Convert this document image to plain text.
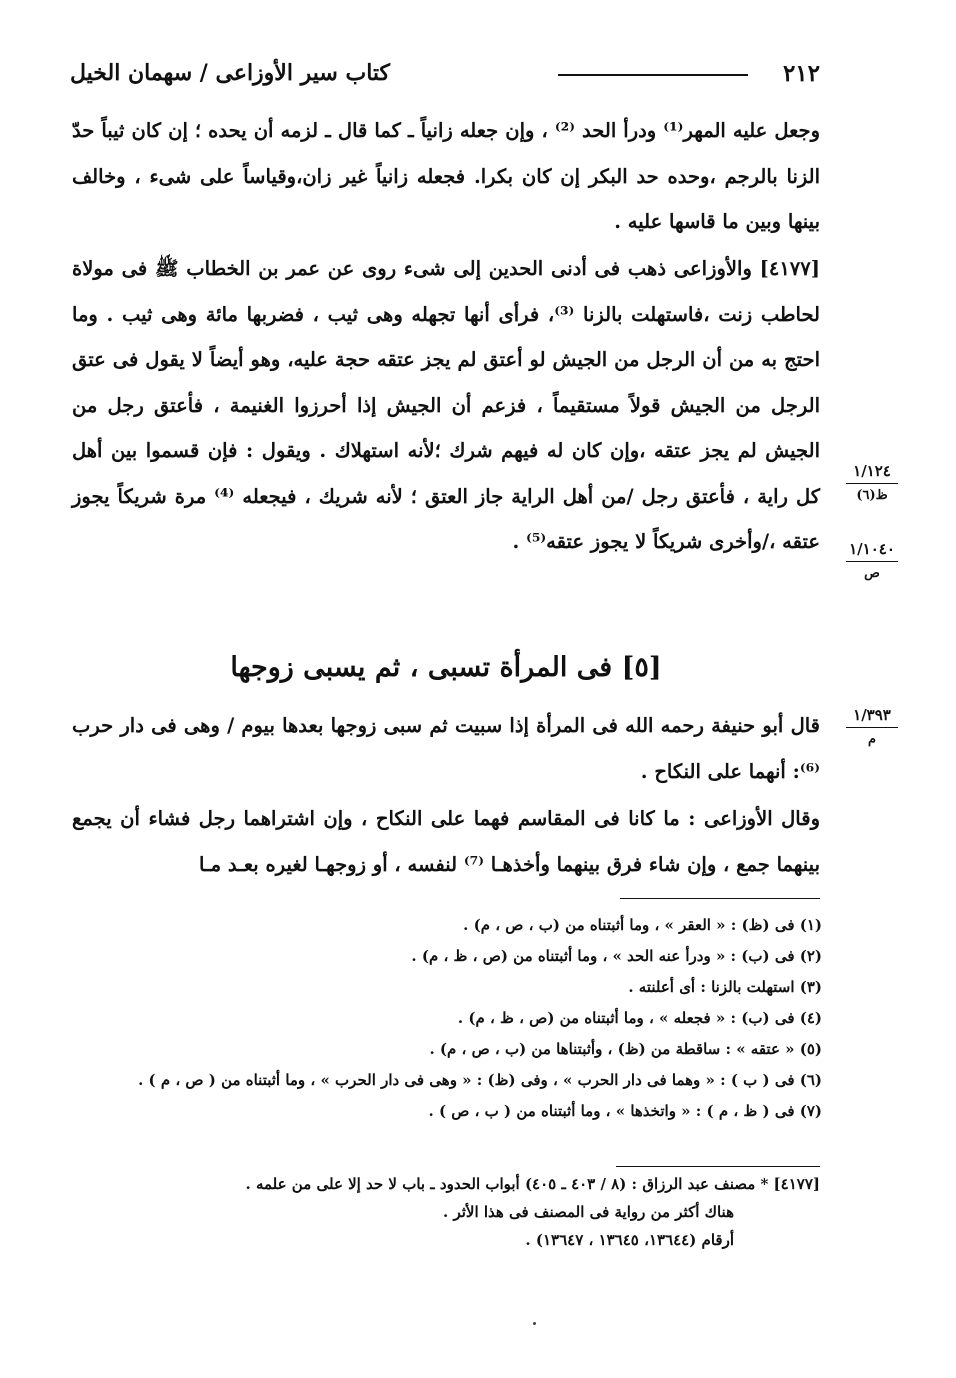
٢١٢
كتاب سير الأوزاعى / سهمان الخيل

وجعل عليه المهر⁽¹⁾ ودرأ الحد ⁽²⁾ ، وإن جعله زانياً ـ كما قال ـ لزمه أن يحده ؛ إن كان ثيباً حدّ الزنا بالرجم ،وحده حد البكر إن كان بكرا. فجعله زانياً غير زان،وقياساً على شىء ، وخالف بينها وبين ما قاسها عليه .

[٤١٧٧] والأوزاعى ذهب فى أدنى الحدين إلى شىء روى عن عمر بن الخطاب ﷺ فى مولاة لحاطب زنت ،فاستهلت بالزنا ⁽³⁾، فرأى أنها تجهله وهى ثيب ، فضربها مائة وهى ثيب . وما احتج به من أن الرجل من الجيش لو أعتق لم يجز عتقه حجة عليه، وهو أيضاً لا يقول فى عتق الرجل من الجيش قولاً مستقيماً ، فزعم أن الجيش إذا أحرزوا الغنيمة ، فأعتق رجل من الجيش لم يجز عتقه ،وإن كان له فيهم شرك ؛لأنه استهلاك . ويقول : فإن قسموا بين أهل كل راية ، فأعتق رجل /من أهل الراية جاز العتق ؛ لأنه شريك ، فيجعله ⁽⁴⁾ مرة شريكاً يجوز عتقه ،/وأخرى شريكاً لا يجوز عتقه⁽⁵⁾ .

١/١٢٤
ظ(٦)
١/١٠٤٠
ص
[٥] فى المرأة تسبى ، ثم يسبى زوجها
١/٣٩٣
م

قال أبو حنيفة رحمه الله فى المرأة إذا سبيت ثم سبى زوجها بعدها بيوم / وهى فى دار حرب ⁽⁶⁾: أنهما على النكاح .

وقال الأوزاعى : ما كانا فى المقاسم فهما على النكاح ، وإن اشتراهما رجل فشاء أن يجمع بينهما جمع ، وإن شاء فرق بينهما وأخذهـا ⁽⁷⁾ لنفسه ، أو زوجهـا لغيره بعـد مـا

(١) فى (ظ) : « العقر » ، وما أثبتناه من (ب ، ص ، م) .
(٢) فى (ب) : « ودرأ عنه الحد » ، وما أثبتناه من (ص ، ظ ، م) .
(٣) استهلت بالزنا : أى أعلنته .
(٤) فى (ب) : « فجعله » ، وما أثبتناه من (ص ، ظ ، م) .
(٥) « عتقه » : ساقطة من (ظ) ، وأثبتناها من (ب ، ص ، م) .
(٦) فى ( ب ) : « وهما فى دار الحرب » ، وفى (ظ) : « وهى فى دار الحرب » ، وما أثبتناه من ( ص ، م ) .
(٧) فى ( ظ ، م ) : « واتخذها » ، وما أثبتناه من ( ب ، ص ) .
[٤١٧٧] * مصنف عبد الرزاق : (٨ / ٤٠٣ ـ ٤٠٥) أبواب الحدود ـ باب لا حد إلا على من علمه .
هناك أكثر من رواية فى المصنف فى هذا الأثر .
أرقام (١٣٦٤٤، ١٣٦٤٥ ، ١٣٦٤٧) .
